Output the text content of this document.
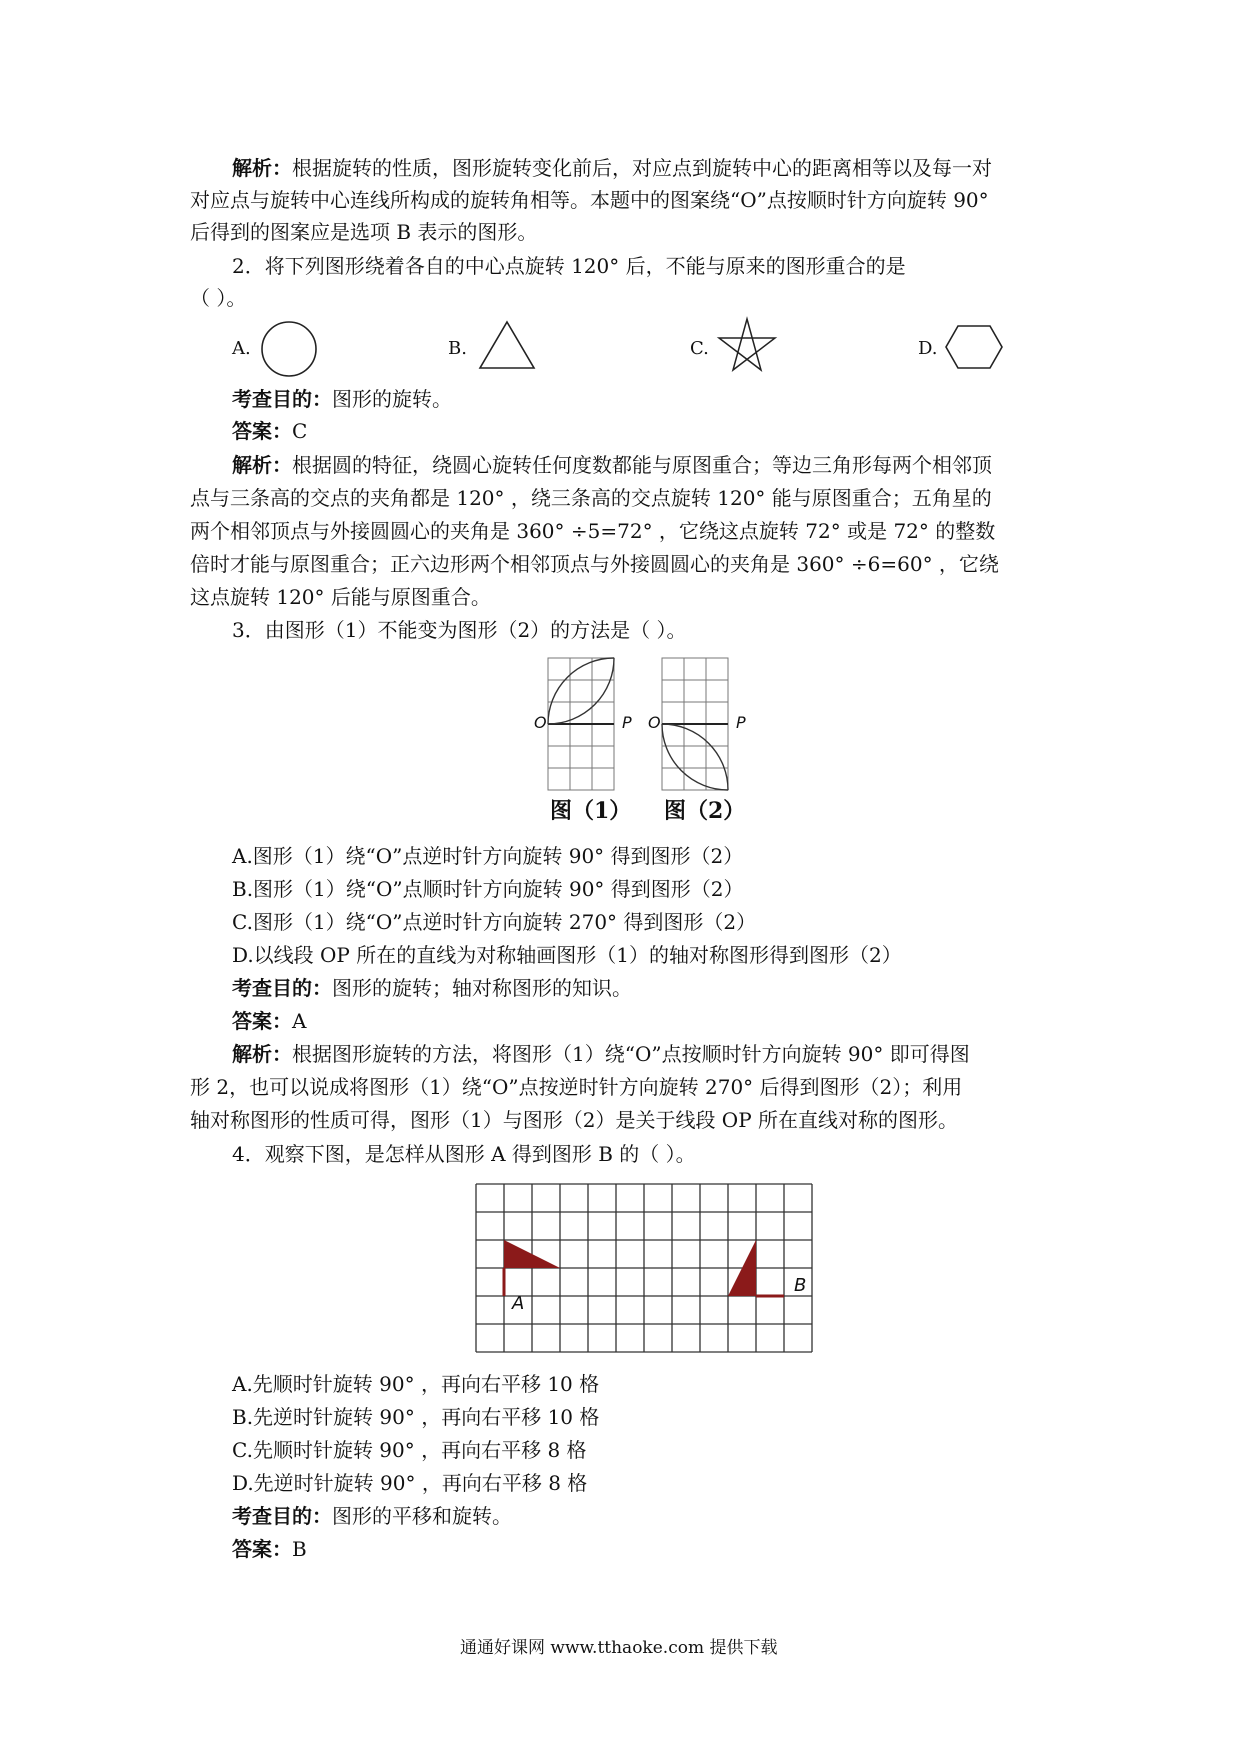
解析：根据旋转的性质，图形旋转变化前后，对应点到旋转中心的距离相等以及每一对
对应点与旋转中心连线所构成的旋转角相等。本题中的图案绕“O”点按顺时针方向旋转 90°
后得到的图案应是选项 B 表示的图形。
2．将下列图形绕着各自的中心点旋转 120° 后，不能与原来的图形重合的是
（ ）。
A.	B.	C.	D.
考查目的：图形的旋转。
答案：C
解析：根据圆的特征，绕圆心旋转任何度数都能与原图重合；等边三角形每两个相邻顶
点与三条高的交点的夹角都是 120° ，绕三条高的交点旋转 120° 能与原图重合；五角星的
两个相邻顶点与外接圆圆心的夹角是 360° ÷5=72° ，它绕这点旋转 72° 或是 72° 的整数
倍时才能与原图重合；正六边形两个相邻顶点与外接圆圆心的夹角是 360° ÷6=60° ，它绕
这点旋转 120° 后能与原图重合。
3．由图形（1）不能变为图形（2）的方法是（ ）。
O	P O	P
图（1） 图（2）
A.图形（1）绕“O”点逆时针方向旋转 90° 得到图形（2）
B.图形（1）绕“O”点顺时针方向旋转 90° 得到图形（2）
C.图形（1）绕“O”点逆时针方向旋转 270° 得到图形（2）
D.以线段 OP 所在的直线为对称轴画图形（1）的轴对称图形得到图形（2）
考查目的：图形的旋转；轴对称图形的知识。
答案：A
解析：根据图形旋转的方法，将图形（1）绕“O”点按顺时针方向旋转 90° 即可得图
形 2，也可以说成将图形（1）绕“O”点按逆时针方向旋转 270° 后得到图形（2）；利用
轴对称图形的性质可得，图形（1）与图形（2）是关于线段 OP 所在直线对称的图形。
4．观察下图，是怎样从图形 A 得到图形 B 的（ ）。
A
B
A.先顺时针旋转 90° ，再向右平移 10 格
B.先逆时针旋转 90° ，再向右平移 10 格
C.先顺时针旋转 90° ，再向右平移 8 格
D.先逆时针旋转 90° ，再向右平移 8 格
考查目的：图形的平移和旋转。
答案：B
通通好课网 www.tthaoke.com 提供下载
